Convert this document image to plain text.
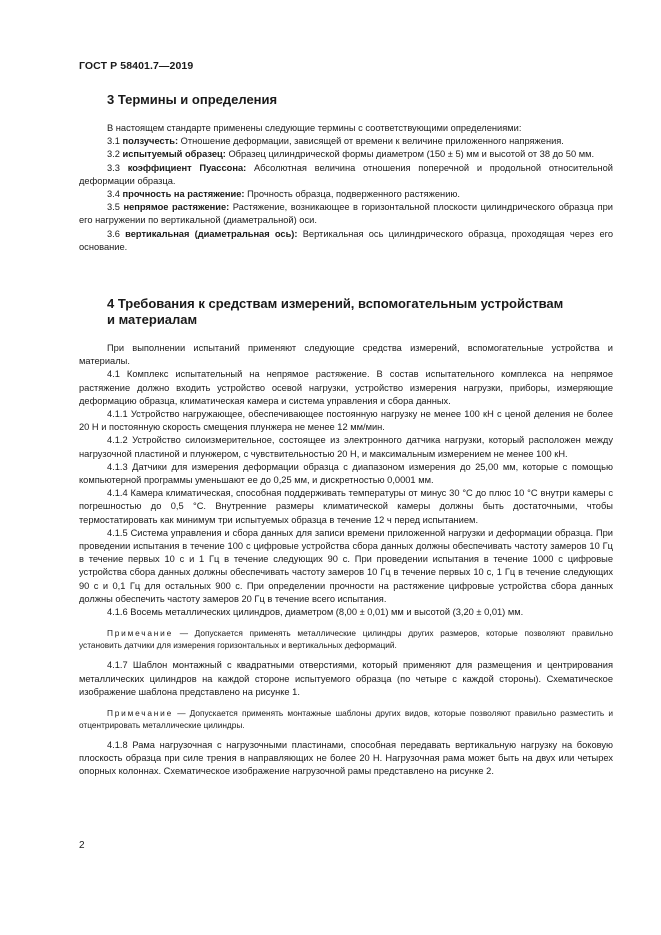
ГОСТ Р 58401.7—2019
3 Термины и определения

В настоящем стандарте применены следующие термины с соответствующими определениями:

3.1 ползучесть: Отношение деформации, зависящей от времени к величине приложенного напряжения.

3.2 испытуемый образец: Образец цилиндрической формы диаметром (150 ± 5) мм и высотой от 38 до 50 мм.

3.3 коэффициент Пуассона: Абсолютная величина отношения поперечной и продольной относительной деформации образца.

3.4 прочность на растяжение: Прочность образца, подверженного растяжению.

3.5 непрямое растяжение: Растяжение, возникающее в горизонтальной плоскости цилиндрического образца при его нагружении по вертикальной (диаметральной) оси.

3.6 вертикальная (диаметральная ось): Вертикальная ось цилиндрического образца, проходящая через его основание.

4 Требования к средствам измерений, вспомогательным устройствам
и материалам

При выполнении испытаний применяют следующие средства измерений, вспомогательные устройства и материалы.

4.1 Комплекс испытательный на непрямое растяжение. В состав испытательного комплекса на непрямое растяжение должно входить устройство осевой нагрузки, устройство измерения нагрузки, приборы, измеряющие деформацию образца, климатическая камера и система управления и сбора данных.

4.1.1 Устройство нагружающее, обеспечивающее постоянную нагрузку не менее 100 кН с ценой деления не более 20 Н и постоянную скорость смещения плунжера не менее 12 мм/мин.

4.1.2 Устройство силоизмерительное, состоящее из электронного датчика нагрузки, который расположен между нагрузочной пластиной и плунжером, с чувствительностью 20 Н, и максимальным измерением не менее 100 кН.

4.1.3 Датчики для измерения деформации образца с диапазоном измерения до 25,00 мм, которые с помощью компьютерной программы уменьшают ее до 0,25 мм, и дискретностью 0,0001 мм.

4.1.4 Камера климатическая, способная поддерживать температуры от минус 30 °С до плюс 10 °С внутри камеры с погрешностью до 0,5 °С. Внутренние размеры климатической камеры должны быть достаточными, чтобы термостатировать как минимум три испытуемых образца в течение 12 ч перед испытанием.

4.1.5 Система управления и сбора данных для записи времени приложенной нагрузки и деформации образца. При проведении испытания в течение 100 с цифровые устройства сбора данных должны обеспечивать частоту замеров 10 Гц в течение первых 10 с и 1 Гц в течение следующих 90 с. При проведении испытания в течение 1000 с цифровые устройства сбора данных должны обеспечивать частоту замеров 10 Гц в течение первых 10 с, 1 Гц в течение следующих 90 с и 0,1 Гц для остальных 900 с. При определении прочности на растяжение цифровые устройства сбора данных должны обеспечить частоту замеров 20 Гц в течение всего испытания.

4.1.6 Восемь металлических цилиндров, диаметром (8,00 ± 0,01) мм и высотой (3,20 ± 0,01) мм.

Примечание — Допускается применять металлические цилиндры других размеров, которые позволяют правильно установить датчики для измерения горизонтальных и вертикальных деформаций.

4.1.7 Шаблон монтажный с квадратными отверстиями, который применяют для размещения и центрирования металлических цилиндров на каждой стороне испытуемого образца (по четыре с каждой стороны). Схематическое изображение шаблона представлено на рисунке 1.

Примечание — Допускается применять монтажные шаблоны других видов, которые позволяют правильно разместить и отцентрировать металлические цилиндры.

4.1.8 Рама нагрузочная с нагрузочными пластинами, способная передавать вертикальную нагрузку на боковую плоскость образца при силе трения в направляющих не более 20 Н. Нагрузочная рама может быть на двух или четырех опорных колоннах. Схематическое изображение нагрузочной рамы представлено на рисунке 2.

2
